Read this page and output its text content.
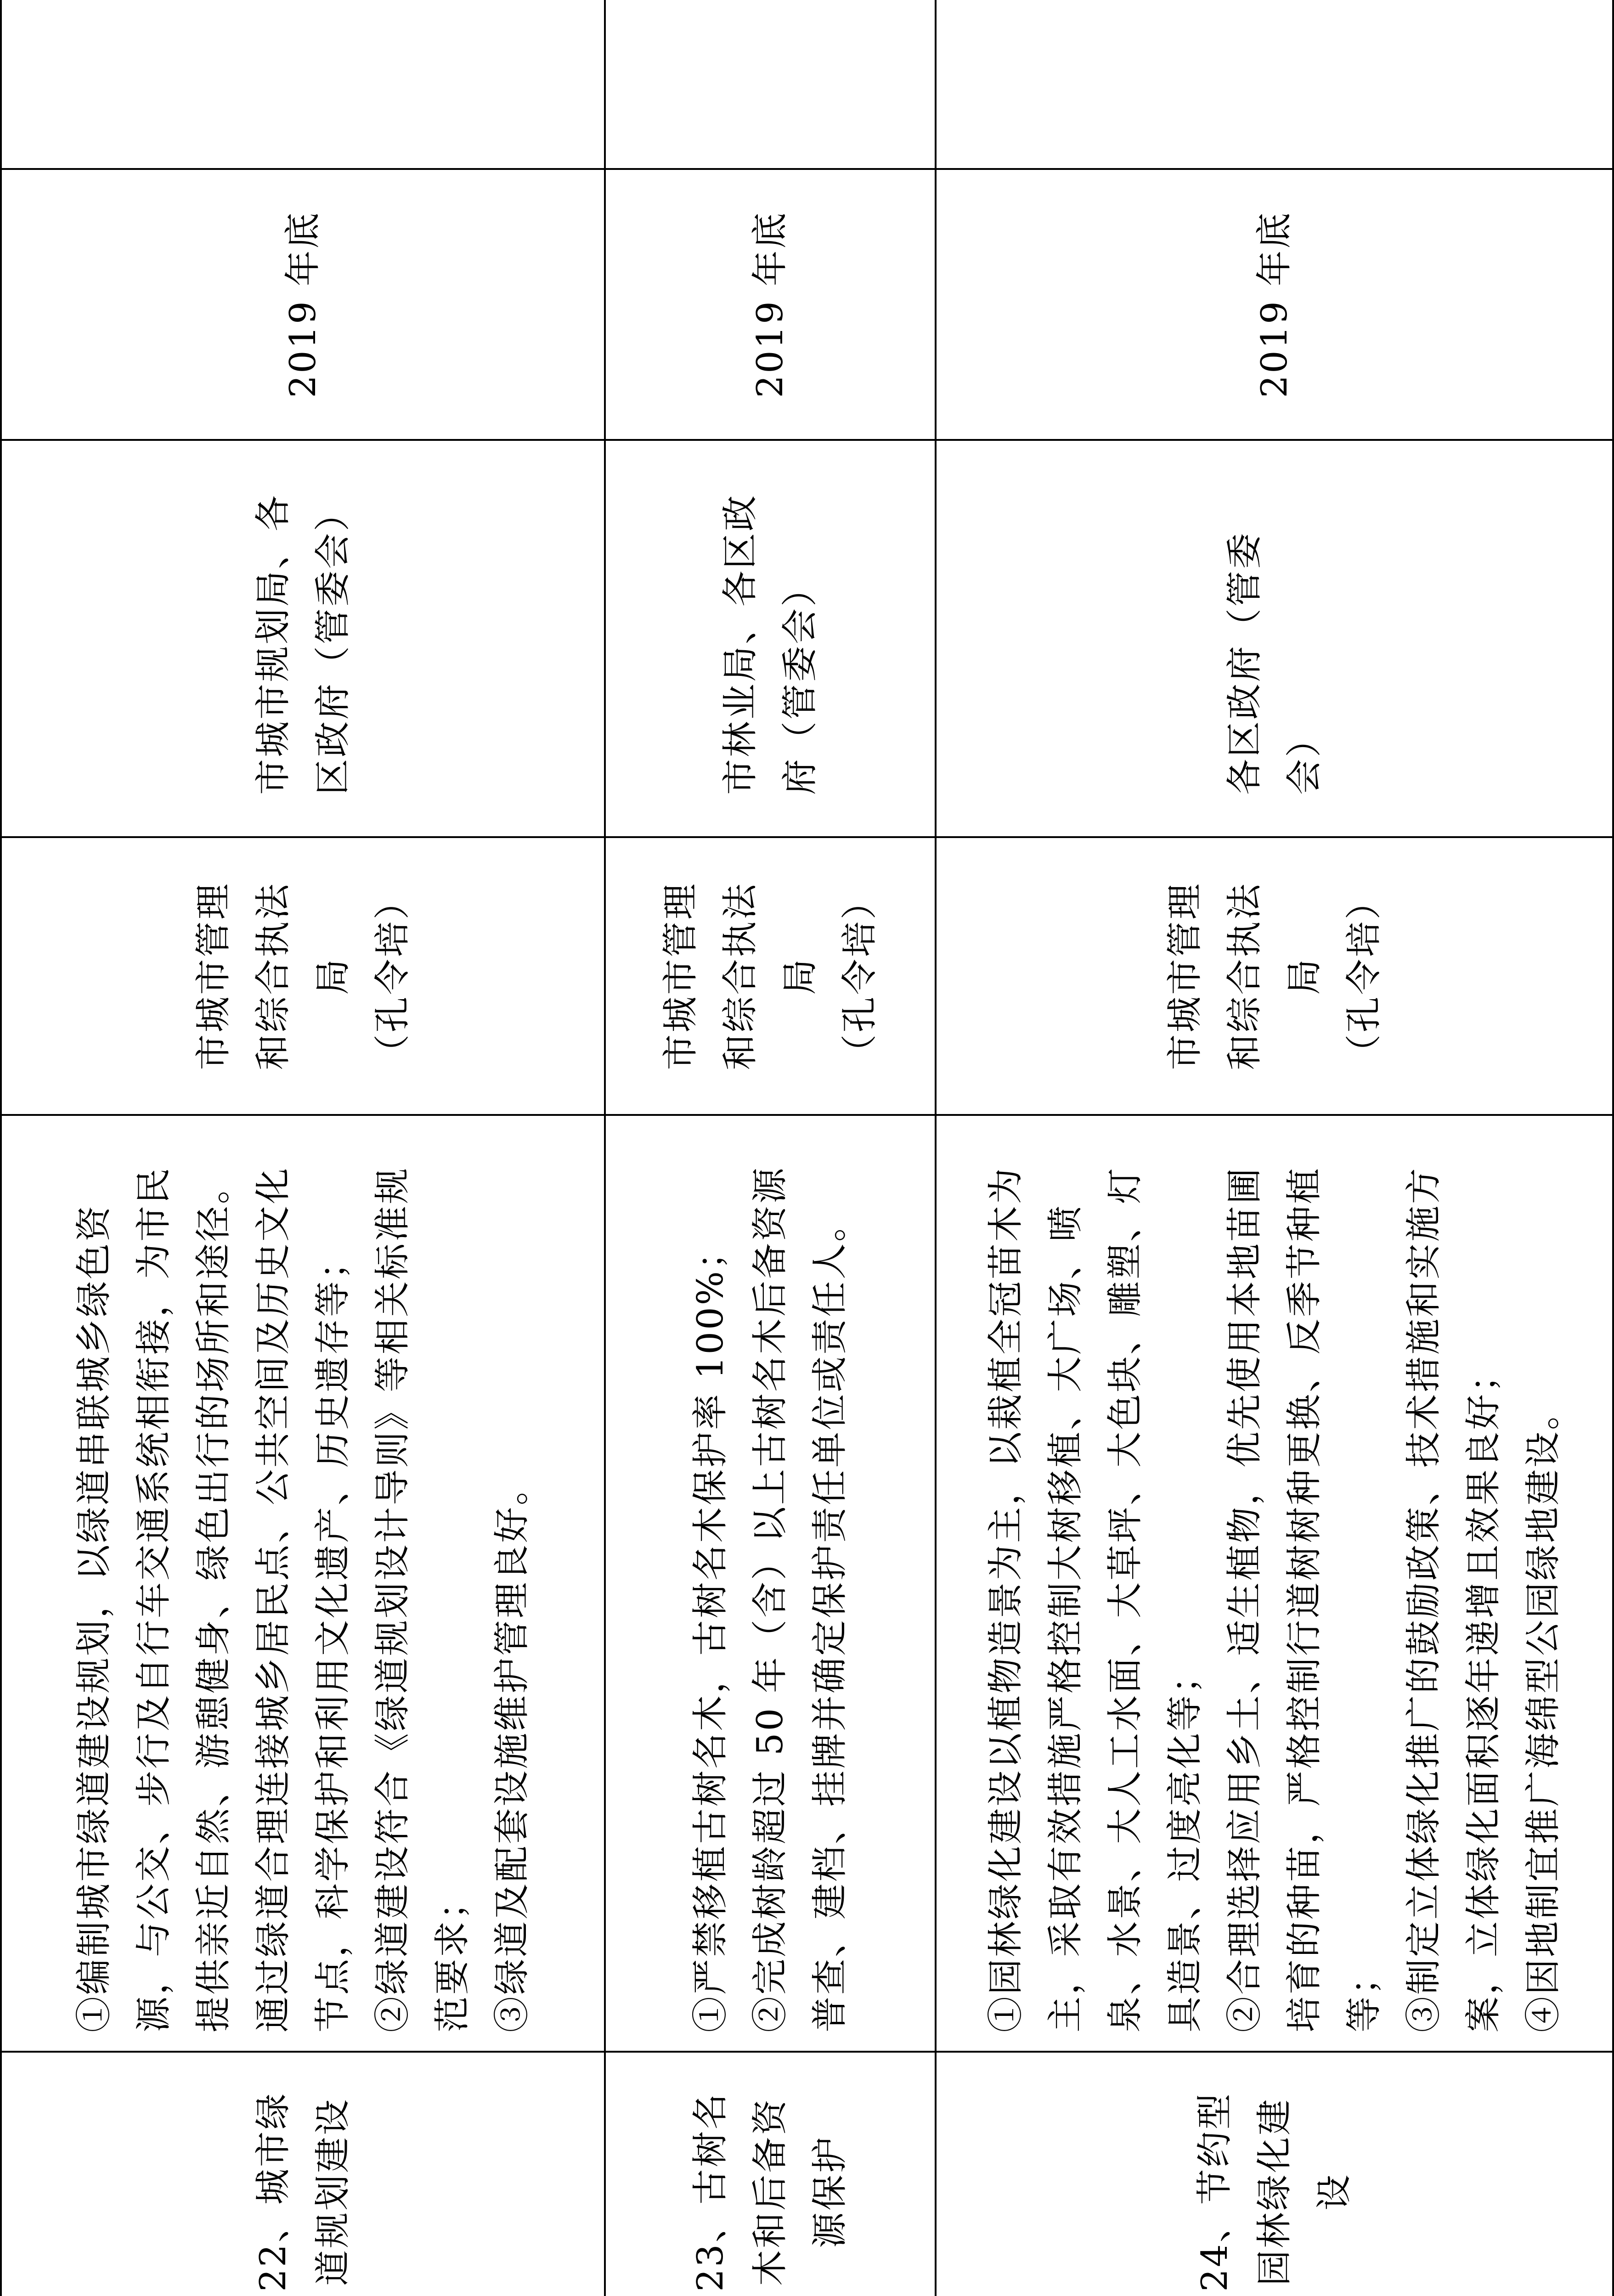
22、城市绿道规划建设	①编制城市绿道建设规划，以绿道串联城乡绿色资源，与公交、步行及自行车交通系统相衔接，为市民提供亲近自然、游憩健身、绿色出行的场所和途径。通过绿道合理连接城乡居民点、公共空间及历史文化节点，科学保护和利用文化遗产、历史遗存等； ②绿道建设符合《绿道规划设计导则》等相关标准规范要求； ③绿道及配套设施维护管理良好。	市城市管理和综合执法局 （孔令培）	市城市规划局、各区政府（管委会）	2019 年底	
23、古树名木和后备资源保护	①严禁移植古树名木，古树名木保护率 100%； ②完成树龄超过 50 年（含）以上古树名木后备资源普查、建档、挂牌并确定保护责任单位或责任人。	市城市管理和综合执法局 （孔令培）	市林业局、各区政府（管委会）	2019 年底	
24、节约型园林绿化建设	①园林绿化建设以植物造景为主，以栽植全冠苗木为主，采取有效措施严格控制大树移植、大广场、喷泉、水景、大人工水面、大草坪、大色块、雕塑、灯具造景、过度亮化等； ②合理选择应用乡土、适生植物，优先使用本地苗圃培育的种苗，严格控制行道树树种更换、反季节种植等； ③制定立体绿化推广的鼓励政策、技术措施和实施方案，立体绿化面积逐年递增且效果良好； ④因地制宜推广海绵型公园绿地建设。	市城市管理和综合执法局 （孔令培）	各区政府（管委会）	2019 年底	
